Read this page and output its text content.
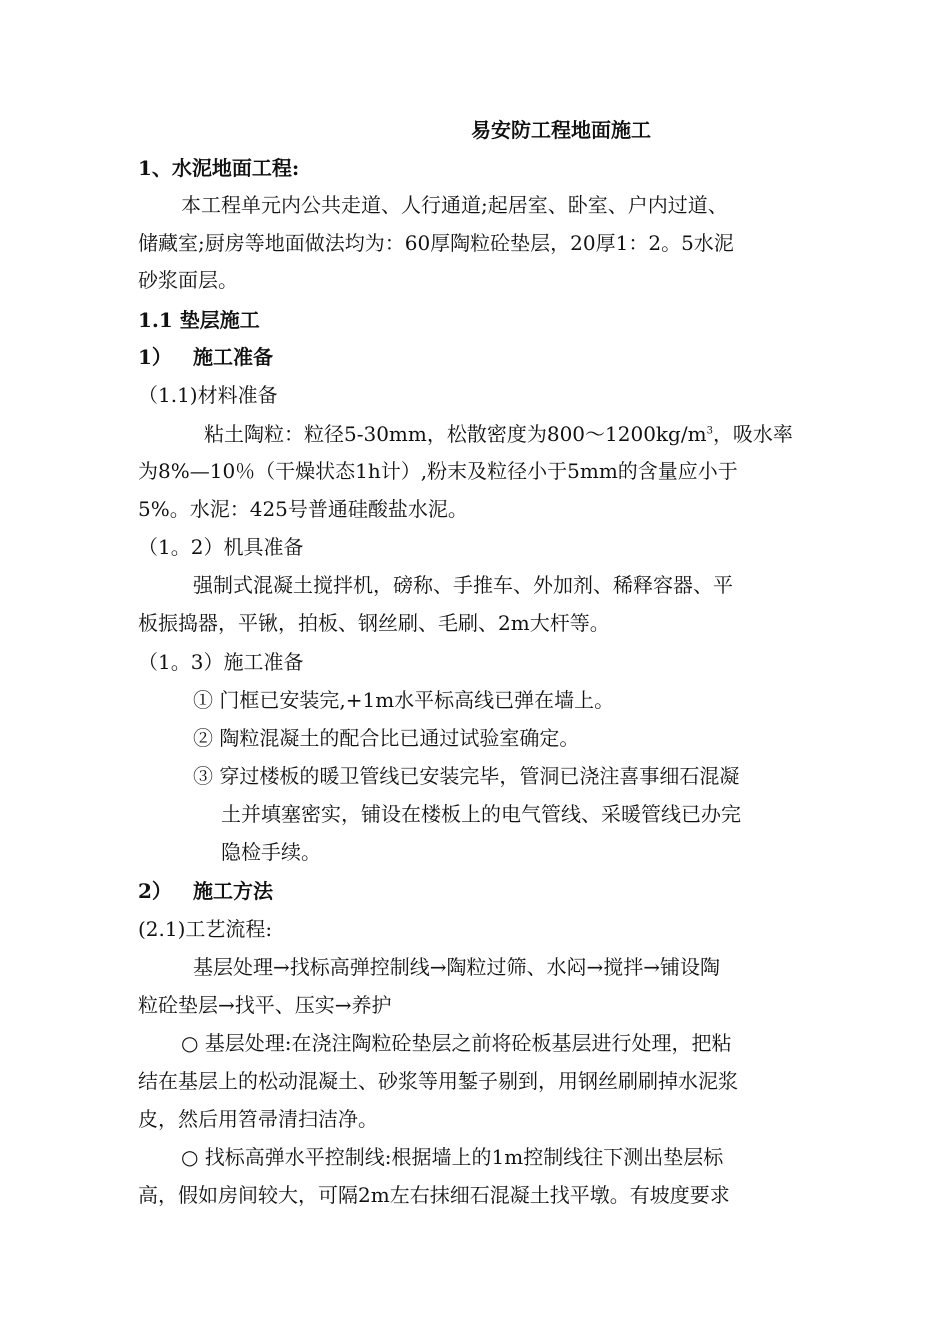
易安防工程地面施工
1、水泥地面工程:
本工程单元内公共走道、人行通道;起居室、卧室、户内过道、
储藏室;厨房等地面做法均为：60厚陶粒砼垫层，20厚1：2。5水泥
砂浆面层。
1.1 垫层施工
1） 施工准备
（1.1)材料准备
粘土陶粒：粒径5-30mm，松散密度为$800\sim 1200kg/m^3$，吸水率
为8%—10％（干燥状态1h计）,粉末及粒径小于5mm的含量应小于
5%。水泥：425号普通硅酸盐水泥。
（1。2）机具准备
强制式混凝土搅拌机，磅称、手推车、外加剂、稀释容器、平
板振捣器，平锹，拍板、钢丝刷、毛刷、2m大杆等。
（1。3）施工准备
① 门框已安装完,+1m水平标高线已弹在墙上。
② 陶粒混凝土的配合比已通过试验室确定。
③ 穿过楼板的暖卫管线已安装完毕，管洞已浇注喜事细石混凝
土并填塞密实，铺设在楼板上的电气管线、采暖管线已办完
隐检手续。
2） 施工方法
(2.1)工艺流程:
基层处理→找标高弹控制线→陶粒过筛、水闷→搅拌→铺设陶
粒砼垫层→找平、压实→养护
○ 基层处理:在浇注陶粒砼垫层之前将砼板基层进行处理，把粘
结在基层上的松动混凝土、砂浆等用錾子剔到，用钢丝刷刷掉水泥浆
皮，然后用笤帚清扫洁净。
○ 找标高弹水平控制线:根据墙上的1m控制线往下测出垫层标
高，假如房间较大，可隔2m左右抹细石混凝土找平墩。有坡度要求
